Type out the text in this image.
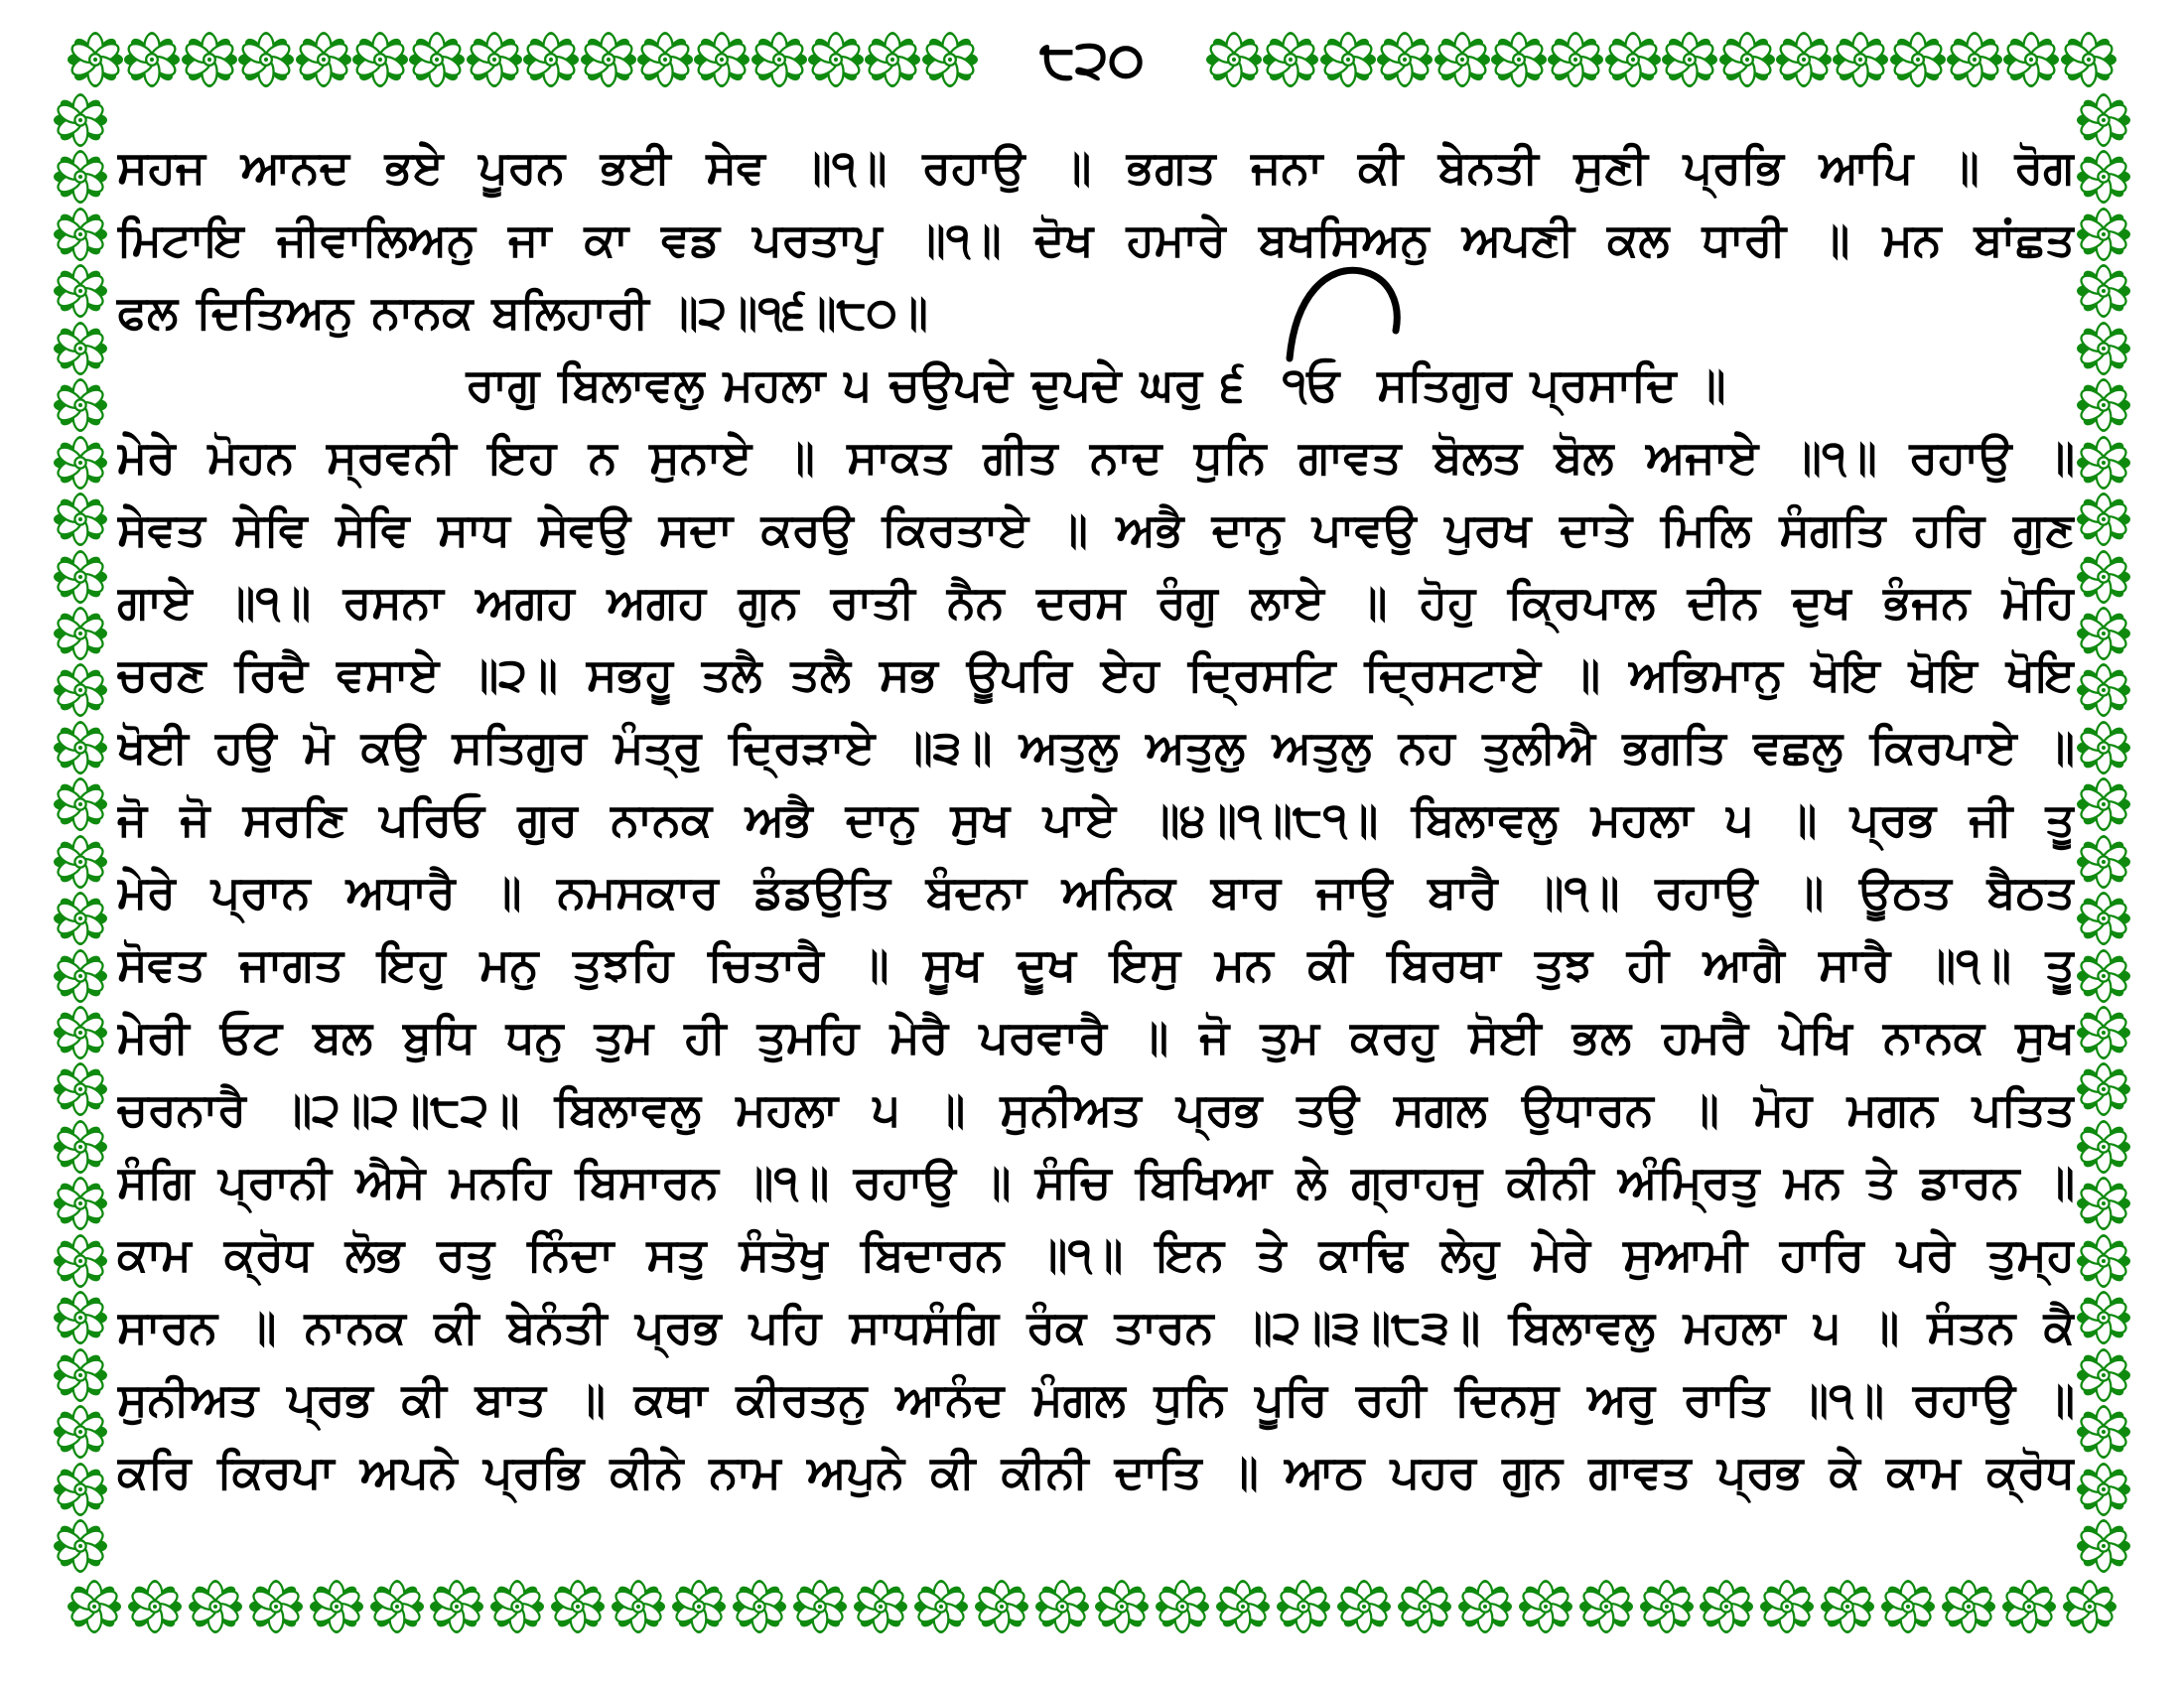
੮੨੦
ਸਹਜ ਆਨਦ ਭਏ ਪੂਰਨ ਭਈ ਸੇਵ ॥੧॥ ਰਹਾਉ ॥ ਭਗਤ ਜਨਾ ਕੀ ਬੇਨਤੀ ਸੁਣੀ ਪ੍ਰਭਿ ਆਪਿ ॥ ਰੋਗ
ਮਿਟਾਇ ਜੀਵਾਲਿਅਨੁ ਜਾ ਕਾ ਵਡ ਪਰਤਾਪੁ ॥੧॥ ਦੋਖ ਹਮਾਰੇ ਬਖਸਿਅਨੁ ਅਪਣੀ ਕਲ ਧਾਰੀ ॥ ਮਨ ਬਾਂਛਤ
ਫਲ ਦਿਤਿਅਨੁ ਨਾਨਕ ਬਲਿਹਾਰੀ ॥੨॥੧੬॥੮੦॥
ਰਾਗੁ ਬਿਲਾਵਲੁ ਮਹਲਾ ੫ ਚਉਪਦੇ ਦੁਪਦੇ ਘਰੁ ੬ ੧ਓ ਸਤਿਗੁਰ ਪ੍ਰਸਾਦਿ ॥
ਮੇਰੇ ਮੋਹਨ ਸ੍ਰਵਨੀ ਇਹ ਨ ਸੁਨਾਏ ॥ ਸਾਕਤ ਗੀਤ ਨਾਦ ਧੁਨਿ ਗਾਵਤ ਬੋਲਤ ਬੋਲ ਅਜਾਏ ॥੧॥ ਰਹਾਉ ॥
ਸੇਵਤ ਸੇਵਿ ਸੇਵਿ ਸਾਧ ਸੇਵਉ ਸਦਾ ਕਰਉ ਕਿਰਤਾਏ ॥ ਅਭੈ ਦਾਨੁ ਪਾਵਉ ਪੁਰਖ ਦਾਤੇ ਮਿਲਿ ਸੰਗਤਿ ਹਰਿ ਗੁਣ
ਗਾਏ ॥੧॥ ਰਸਨਾ ਅਗਹ ਅਗਹ ਗੁਨ ਰਾਤੀ ਨੈਨ ਦਰਸ ਰੰਗੁ ਲਾਏ ॥ ਹੋਹੁ ਕ੍ਰਿਪਾਲ ਦੀਨ ਦੁਖ ਭੰਜਨ ਮੋਹਿ
ਚਰਣ ਰਿਦੈ ਵਸਾਏ ॥੨॥ ਸਭਹੂ ਤਲੈ ਤਲੈ ਸਭ ਊਪਰਿ ਏਹ ਦ੍ਰਿਸਟਿ ਦ੍ਰਿਸਟਾਏ ॥ ਅਭਿਮਾਨੁ ਖੋਇ ਖੋਇ ਖੋਇ
ਖੋਈ ਹਉ ਮੋ ਕਉ ਸਤਿਗੁਰ ਮੰਤ੍ਰੁ ਦ੍ਰਿੜਾਏ ॥੩॥ ਅਤੁਲੁ ਅਤੁਲੁ ਅਤੁਲੁ ਨਹ ਤੁਲੀਐ ਭਗਤਿ ਵਛਲੁ ਕਿਰਪਾਏ ॥
ਜੋ ਜੋ ਸਰਣਿ ਪਰਿਓ ਗੁਰ ਨਾਨਕ ਅਭੈ ਦਾਨੁ ਸੁਖ ਪਾਏ ॥੪॥੧॥੮੧॥ ਬਿਲਾਵਲੁ ਮਹਲਾ ੫ ॥ ਪ੍ਰਭ ਜੀ ਤੂ
ਮੇਰੇ ਪ੍ਰਾਨ ਅਧਾਰੈ ॥ ਨਮਸਕਾਰ ਡੰਡਉਤਿ ਬੰਦਨਾ ਅਨਿਕ ਬਾਰ ਜਾਉ ਬਾਰੈ ॥੧॥ ਰਹਾਉ ॥ ਊਠਤ ਬੈਠਤ
ਸੋਵਤ ਜਾਗਤ ਇਹੁ ਮਨੁ ਤੁਝਹਿ ਚਿਤਾਰੈ ॥ ਸੂਖ ਦੂਖ ਇਸੁ ਮਨ ਕੀ ਬਿਰਥਾ ਤੁਝ ਹੀ ਆਗੈ ਸਾਰੈ ॥੧॥ ਤੂ
ਮੇਰੀ ਓਟ ਬਲ ਬੁਧਿ ਧਨੁ ਤੁਮ ਹੀ ਤੁਮਹਿ ਮੇਰੈ ਪਰਵਾਰੈ ॥ ਜੋ ਤੁਮ ਕਰਹੁ ਸੋਈ ਭਲ ਹਮਰੈ ਪੇਖਿ ਨਾਨਕ ਸੁਖ
ਚਰਨਾਰੈ ॥੨॥੨॥੮੨॥ ਬਿਲਾਵਲੁ ਮਹਲਾ ੫ ॥ ਸੁਨੀਅਤ ਪ੍ਰਭ ਤਉ ਸਗਲ ਉਧਾਰਨ ॥ ਮੋਹ ਮਗਨ ਪਤਿਤ
ਸੰਗਿ ਪ੍ਰਾਨੀ ਐਸੇ ਮਨਹਿ ਬਿਸਾਰਨ ॥੧॥ ਰਹਾਉ ॥ ਸੰਚਿ ਬਿਖਿਆ ਲੇ ਗ੍ਰਾਹਜੁ ਕੀਨੀ ਅੰਮ੍ਰਿਤੁ ਮਨ ਤੇ ਡਾਰਨ ॥
ਕਾਮ ਕ੍ਰੋਧ ਲੋਭ ਰਤੁ ਨਿੰਦਾ ਸਤੁ ਸੰਤੋਖੁ ਬਿਦਾਰਨ ॥੧॥ ਇਨ ਤੇ ਕਾਢਿ ਲੇਹੁ ਮੇਰੇ ਸੁਆਮੀ ਹਾਰਿ ਪਰੇ ਤੁਮ੍ਹ
ਸਾਰਨ ॥ ਨਾਨਕ ਕੀ ਬੇਨੰਤੀ ਪ੍ਰਭ ਪਹਿ ਸਾਧਸੰਗਿ ਰੰਕ ਤਾਰਨ ॥੨॥੩॥੮੩॥ ਬਿਲਾਵਲੁ ਮਹਲਾ ੫ ॥ ਸੰਤਨ ਕੈ
ਸੁਨੀਅਤ ਪ੍ਰਭ ਕੀ ਬਾਤ ॥ ਕਥਾ ਕੀਰਤਨੁ ਆਨੰਦ ਮੰਗਲ ਧੁਨਿ ਪੂਰਿ ਰਹੀ ਦਿਨਸੁ ਅਰੁ ਰਾਤਿ ॥੧॥ ਰਹਾਉ ॥
ਕਰਿ ਕਿਰਪਾ ਅਪਨੇ ਪ੍ਰਭਿ ਕੀਨੇ ਨਾਮ ਅਪੁਨੇ ਕੀ ਕੀਨੀ ਦਾਤਿ ॥ ਆਠ ਪਹਰ ਗੁਨ ਗਾਵਤ ਪ੍ਰਭ ਕੇ ਕਾਮ ਕ੍ਰੋਧ
